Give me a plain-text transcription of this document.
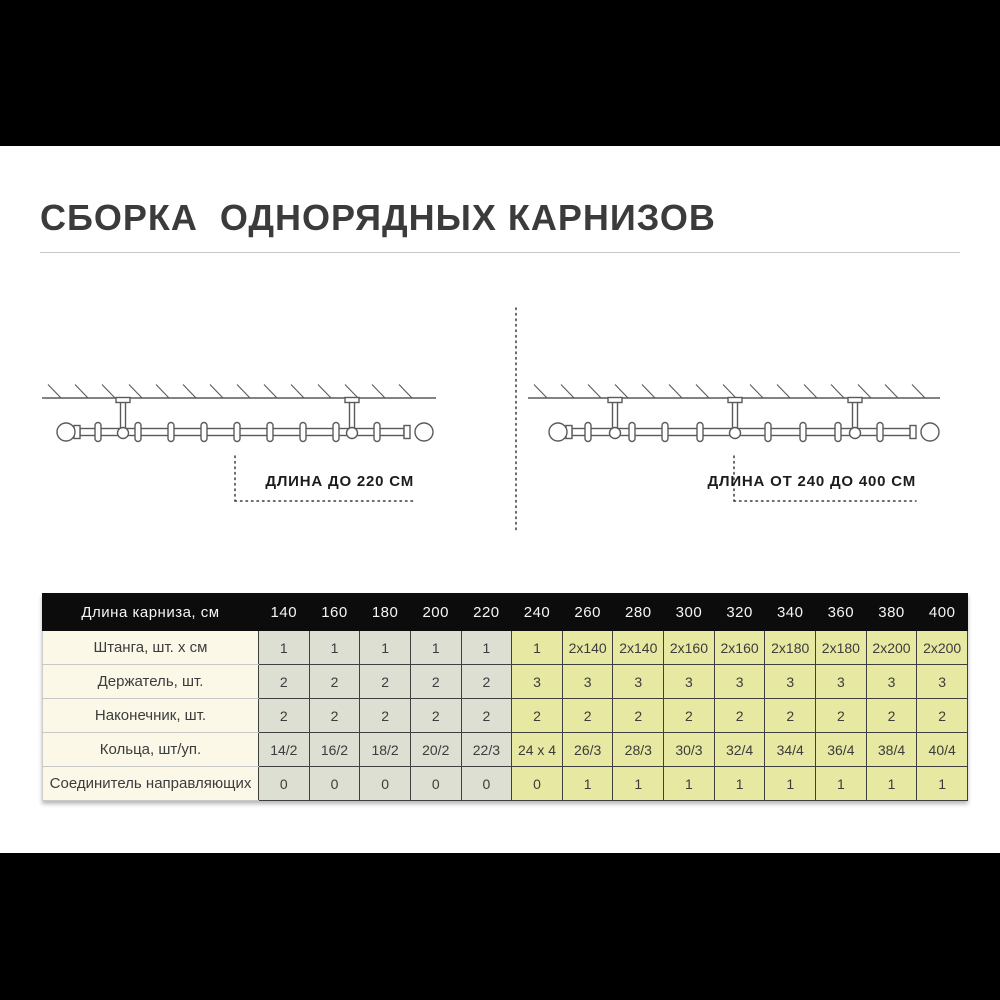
СБОРКА  ОДНОРЯДНЫХ КАРНИЗОВ
ДЛИНА ДО 220 СМ	ДЛИНА ОТ 240 ДО 400 СМ
Длина карниза, см	140	160	180	200	220	240	260	280	300	320	340	360	380	400
Штанга, шт. х см	1	1	1	1	1	1	2x140	2x140	2x160	2x160	2x180	2x180	2x200	2x200
Держатель, шт.	2	2	2	2	2	3	3	3	3	3	3	3	3	3
Наконечник, шт.	2	2	2	2	2	2	2	2	2	2	2	2	2	2
Кольца, шт/уп.	14/2	16/2	18/2	20/2	22/3	24 x 4	26/3	28/3	30/3	32/4	34/4	36/4	38/4	40/4
Соединитель направляющих	0	0	0	0	0	0	1	1	1	1	1	1	1	1
